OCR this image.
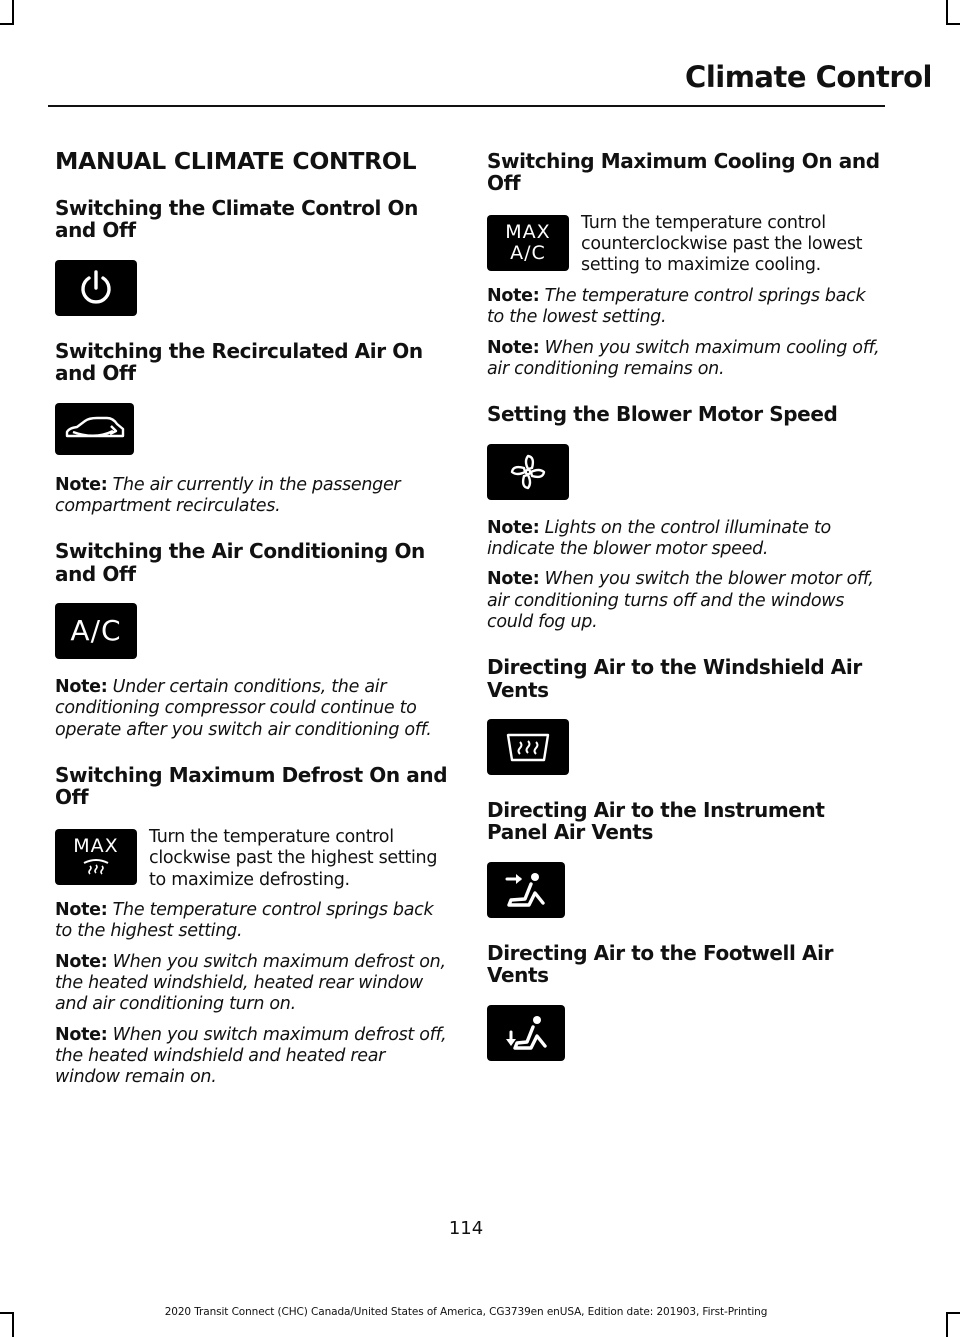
Climate Control
MANUAL CLIMATE CONTROL
Switching the Climate Control On and Off
Switching the Recirculated Air On and Off

Note: The air currently in the passenger compartment recirculates.

Switching the Air Conditioning On and Off
A/C

Note: Under certain conditions, the air conditioning compressor could continue to operate after you switch air conditioning off.

Switching Maximum Defrost On and Off
MAX Turn the temperature control clockwise past the highest setting to maximize defrosting.

Note: The temperature control springs back to the highest setting.

Note: When you switch maximum defrost on, the heated windshield, heated rear window and air conditioning turn on.

Note: When you switch maximum defrost off, the heated windshield and heated rear window remain on.

Switching Maximum Cooling On and Off
MAX
A/C

Turn the temperature control counterclockwise past the lowest setting to maximize cooling.

Note: The temperature control springs back to the lowest setting.

Note: When you switch maximum cooling off, air conditioning remains on.

Setting the Blower Motor Speed

Note: Lights on the control illuminate to indicate the blower motor speed.

Note: When you switch the blower motor off, air conditioning turns off and the windows could fog up.

Directing Air to the Windshield Air Vents
Directing Air to the Instrument Panel Air Vents
Directing Air to the Footwell Air Vents
114
2020 Transit Connect (CHC) Canada/United States of America, CG3739en enUSA, Edition date: 201903, First-Printing
